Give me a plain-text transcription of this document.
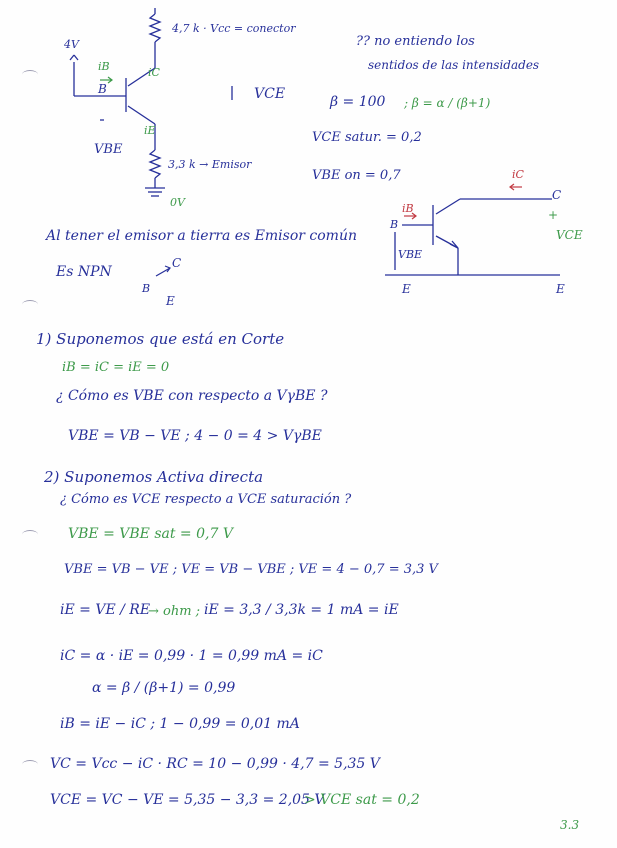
4,7 k · Vcc = conector
3,3 k → Emisor
4V
iB
B
iC
iE
VCE
VBE
0V
?? no entiendo los
sentidos de las intensidades
β = 100 ; β = α / (β+1)
VCE satur. = 0,2
VBE on = 0,7	iC
C
iB
B
+
VCE
VBE
E	E
Al tener el emisor a tierra es Emisor común
Es NPN
C
B
E
1) Suponemos que está en Corte
iB = iC = iE = 0
¿ Cómo es VBE con respecto a VγBE ?
VBE = VB − VE ; 4 − 0 = 4 > VγBE
2) Suponemos Activa directa
¿ Cómo es VCE respecto a VCE saturación ?
VBE = VBE sat = 0,7 V
VBE = VB − VE ; VE = VB − VBE ; VE = 4 − 0,7 = 3,3 V
iE = VE / RE
→ ohm ; iE = 3,3 / 3,3k = 1 mA = iE
iC = α · iE = 0,99 · 1 = 0,99 mA = iC
α = β / (β+1) = 0,99
iB = iE − iC ; 1 − 0,99 = 0,01 mA
VC = Vcc − iC · RC = 10 − 0,99 · 4,7 = 5,35 V
VCE = VC − VE = 5,35 − 3,3 = 2,05 V
> VCE sat = 0,2
3.3
